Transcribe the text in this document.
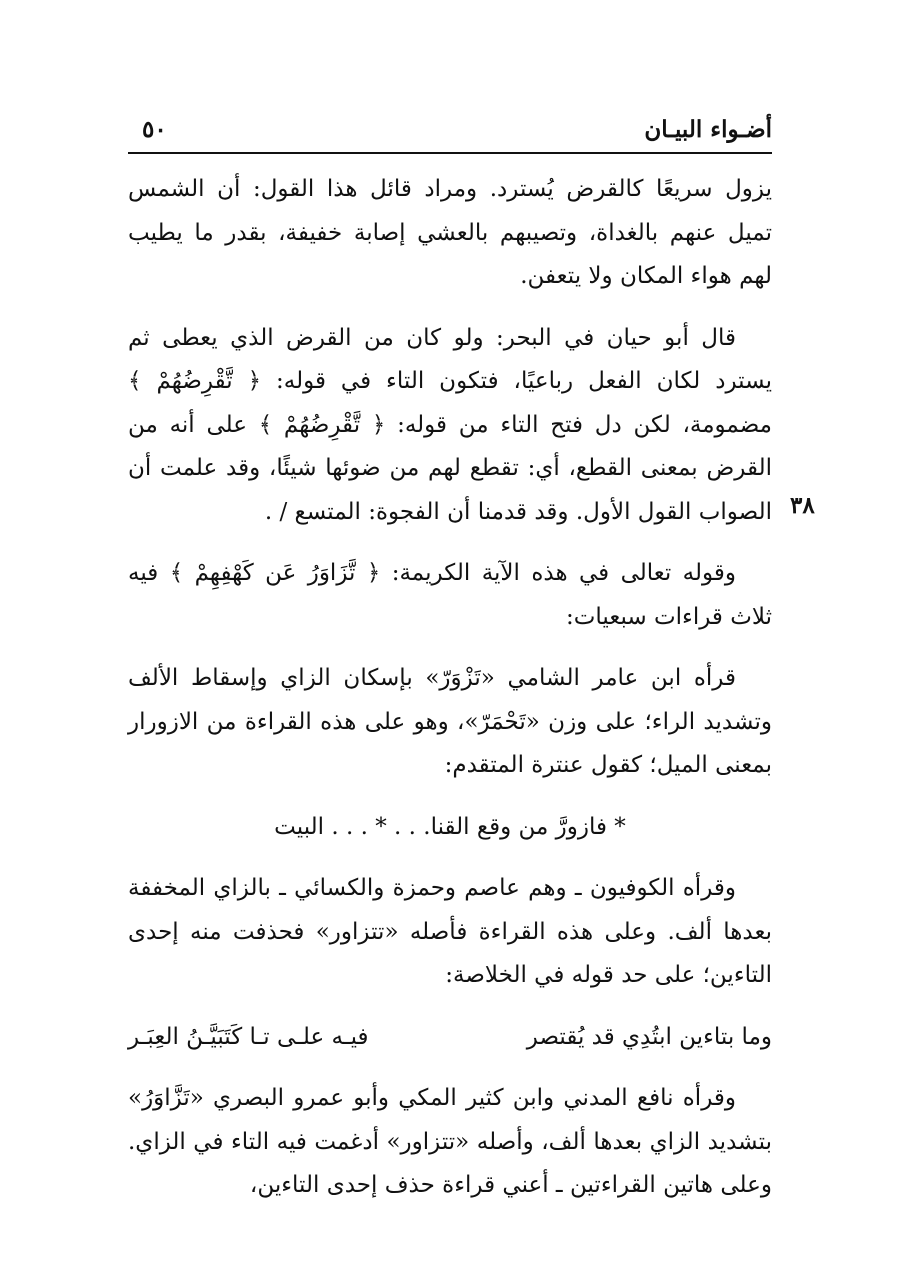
أضـواء البيـان
٥٠
٣٨

يزول سريعًا كالقرض يُسترد. ومراد قائل هذا القول: أن الشمس تميل عنهم بالغداة، وتصيبهم بالعشي إصابة خفيفة، بقدر ما يطيب لهم هواء المكان ولا يتعفن.

قال أبو حيان في البحر: ولو كان من القرض الذي يعطى ثم يسترد لكان الفعل رباعيًا، فتكون التاء في قوله: ﴿ تَّقْرِضُهُمْ ﴾ مضمومة، لكن دل فتح التاء من قوله: ﴿ تَّقْرِضُهُمْ ﴾ على أنه من القرض بمعنى القطع، أي: تقطع لهم من ضوئها شيئًا، وقد علمت أن الصواب القول الأول. وقد قدمنا أن الفجوة: المتسع / .

وقوله تعالى في هذه الآية الكريمة: ﴿ تَّزَاوَرُ عَن كَهْفِهِمْ ﴾ فيه ثلاث قراءات سبعيات:

قرأه ابن عامر الشامي «تَزْوَرّ» بإسكان الزاي وإسقاط الألف وتشديد الراء؛ على وزن «تَحْمَرّ»، وهو على هذه القراءة من الازورار بمعنى الميل؛ كقول عنترة المتقدم:

* فازورَّ من وقع القنا. . . * . . . البيت

وقرأه الكوفيون ـ وهم عاصم وحمزة والكسائي ـ بالزاي المخففة بعدها ألف. وعلى هذه القراءة فأصله «تتزاور» فحذفت منه إحدى التاءين؛ على حد قوله في الخلاصة:

وما بتاءين ابتُدِي قد يُقتصر
فيـه علـى تـا كَتَبَيَّـنُ العِبَـر

وقرأه نافع المدني وابن كثير المكي وأبو عمرو البصري «تَزَّاوَرُ» بتشديد الزاي بعدها ألف، وأصله «تتزاور» أدغمت فيه التاء في الزاي. وعلى هاتين القراءتين ـ أعني قراءة حذف إحدى التاءين،
